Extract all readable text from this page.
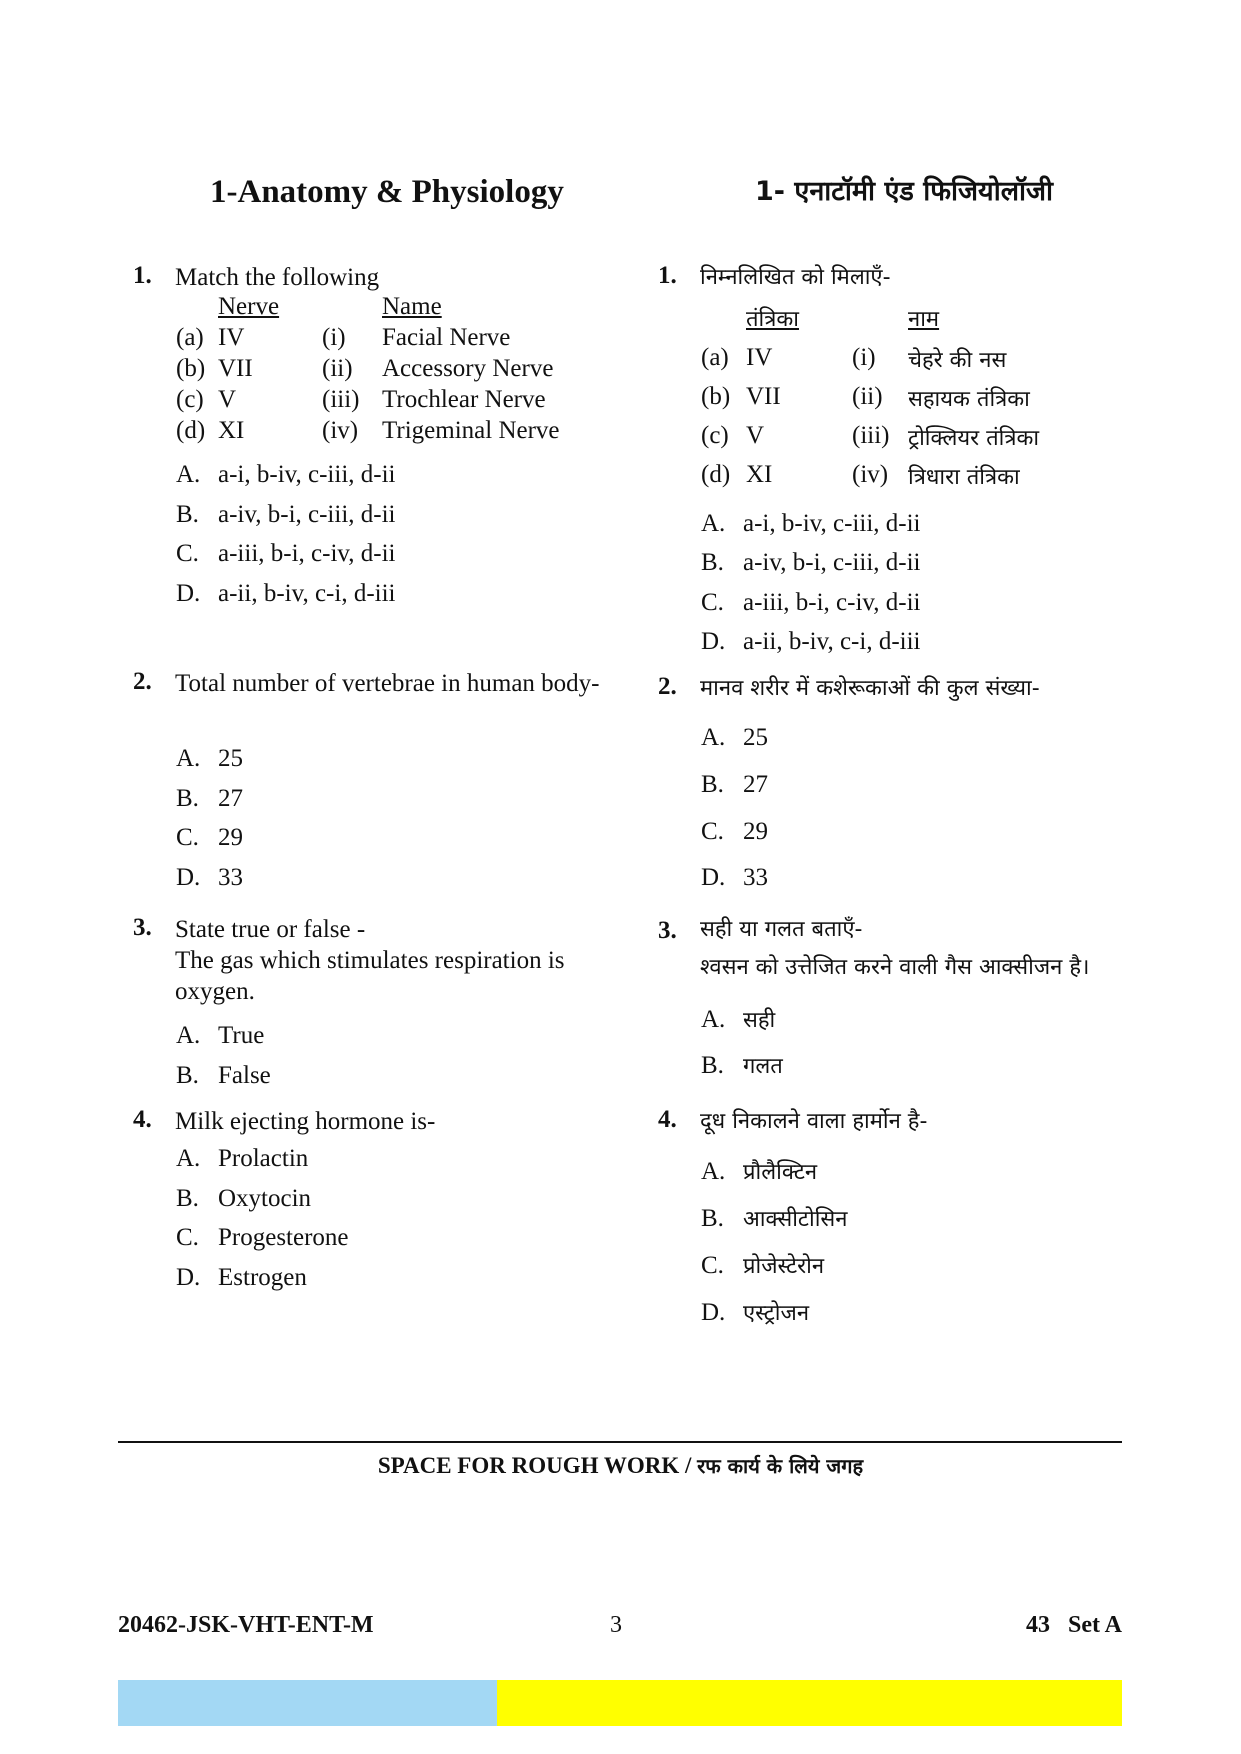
1-Anatomy & Physiology
1. Match the following
Nerve	Name
(a) IV	(i) Facial Nerve
(b) VII	(ii) Accessory Nerve
(c) V	(iii) Trochlear Nerve
(d) XI	(iv) Trigeminal Nerve
A. a-i, b-iv, c-iii, d-ii
B. a-iv, b-i, c-iii, d-ii
C. a-iii, b-i, c-iv, d-ii
D. a-ii, b-iv, c-i, d-iii
2. Total number of vertebrae in human body-
A. 25
B. 27
C. 29
D. 33
3. State true or false -
The gas which stimulates respiration is oxygen.
A. True
B. False
4. Milk ejecting hormone is-
A. Prolactin
B. Oxytocin
C. Progesterone
D. Estrogen
1- एनाटॉमी एंड फिजियोलॉजी
1. निम्नलिखित को मिलाएँ-
तंत्रिका	नाम
(a) IV	(i) चेहरे की नस
(b) VII	(ii) सहायक तंत्रिका
(c) V	(iii) ट्रोक्लियर तंत्रिका
(d) XI	(iv) त्रिधारा तंत्रिका
A. a-i, b-iv, c-iii, d-ii
B. a-iv, b-i, c-iii, d-ii
C. a-iii, b-i, c-iv, d-ii
D. a-ii, b-iv, c-i, d-iii
2. मानव शरीर में कशेरूकाओं की कुल संख्या-
A. 25
B. 27
C. 29
D. 33
3. सही या गलत बताएँ-
श्वसन को उत्तेजित करने वाली गैस आक्सीजन है।
A. सही
B. गलत
4. दूध निकालने वाला हार्मोन है-
A. प्रौलैक्टिन
B. आक्सीटोसिन
C. प्रोजेस्टेरोन
D. एस्ट्रोजन
SPACE FOR ROUGH WORK / रफ कार्य के लिये जगह
20462-JSK-VHT-ENT-M	3	43   Set A
